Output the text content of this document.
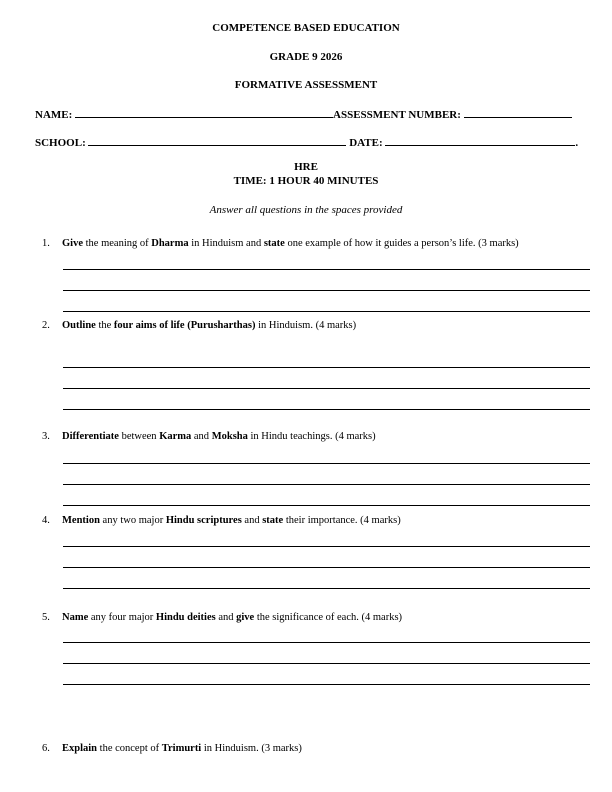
COMPETENCE BASED EDUCATION
GRADE 9 2026
FORMATIVE ASSESSMENT
NAME:	ASSESSMENT NUMBER:
SCHOOL:	DATE:	.
HRE
TIME: 1 HOUR 40 MINUTES
Answer all questions in the spaces provided
1. Give the meaning of Dharma in Hinduism and state one example of how it guides a person’s life. (3 marks)
2. Outline the four aims of life (Purusharthas) in Hinduism. (4 marks)
3. Differentiate between Karma and Moksha in Hindu teachings. (4 marks)
4. Mention any two major Hindu scriptures and state their importance. (4 marks)
5. Name any four major Hindu deities and give the significance of each. (4 marks)
6. Explain the concept of Trimurti in Hinduism. (3 marks)
